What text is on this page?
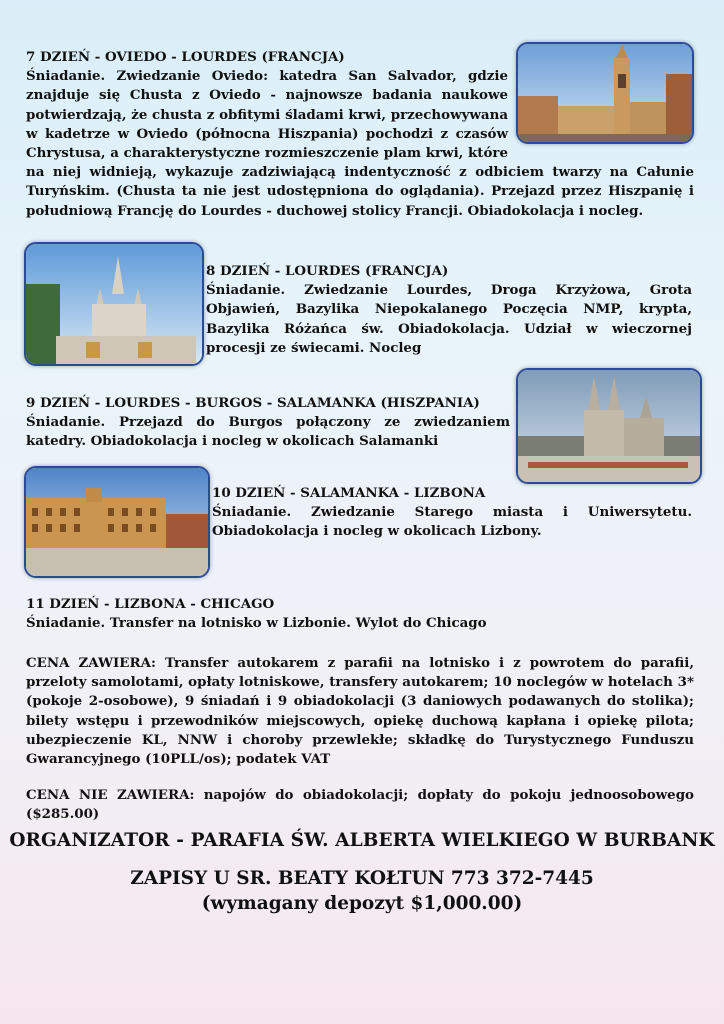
7 DZIEŃ - OVIEDO - LOURDES (FRANCJA)
Śniadanie. Zwiedzanie Oviedo: katedra San Salvador, gdzie znajduje się Chusta z Oviedo - najnowsze badania naukowe potwierdzają, że chusta z obfitymi śladami krwi, przechowywana w kadetrze w Oviedo (północna Hiszpania) pochodzi z czasów Chrystusa, a charakterystyczne rozmieszczenie plam krwi, które na niej widnieją, wykazuje zadziwiającą indentyczność z odbiciem twarzy na Całunie Turyńskim. (Chusta ta nie jest udostępniona do oglądania). Przejazd przez Hiszpanię i południową Francję do Lourdes - duchowej stolicy Francji. Obiadokolacja i nocleg.
8 DZIEŃ - LOURDES (FRANCJA)
Śniadanie. Zwiedzanie Lourdes, Droga Krzyżowa, Grota Objawień, Bazylika Niepokalanego Poczęcia NMP, krypta, Bazylika Różańca św. Obiadokolacja. Udział w wieczornej procesji ze świecami. Nocleg
9 DZIEŃ - LOURDES - BURGOS - SALAMANKA (HISZPANIA)
Śniadanie. Przejazd do Burgos połączony ze zwiedzaniem katedry. Obiadokolacja i nocleg w okolicach Salamanki
10 DZIEŃ - SALAMANKA - LIZBONA
Śniadanie. Zwiedzanie Starego miasta i Uniwersytetu. Obiadokolacja i nocleg w okolicach Lizbony.
11 DZIEŃ - LIZBONA - CHICAGO
Śniadanie. Transfer na lotnisko w Lizbonie. Wylot do Chicago
CENA ZAWIERA: Transfer autokarem z parafii na lotnisko i z powrotem do parafii, przeloty samolotami, opłaty lotniskowe, transfery autokarem; 10 noclegów w hotelach 3* (pokoje 2-osobowe), 9 śniadań i 9 obiadokolacji (3 daniowych podawanych do stolika); bilety wstępu i przewodników miejscowych, opiekę duchową kapłana i opiekę pilota; ubezpieczenie KL, NNW i choroby przewlekłe; składkę do Turystycznego Funduszu Gwarancyjnego (10PLL/os); podatek VAT
CENA NIE ZAWIERA: napojów do obiadokolacji; dopłaty do pokoju jednoosobowego ($285.00)
ORGANIZATOR - PARAFIA ŚW. ALBERTA WIELKIEGO W BURBANK
ZAPISY U SR. BEATY KOŁTUN 773 372-7445
(wymagany depozyt $1,000.00)
